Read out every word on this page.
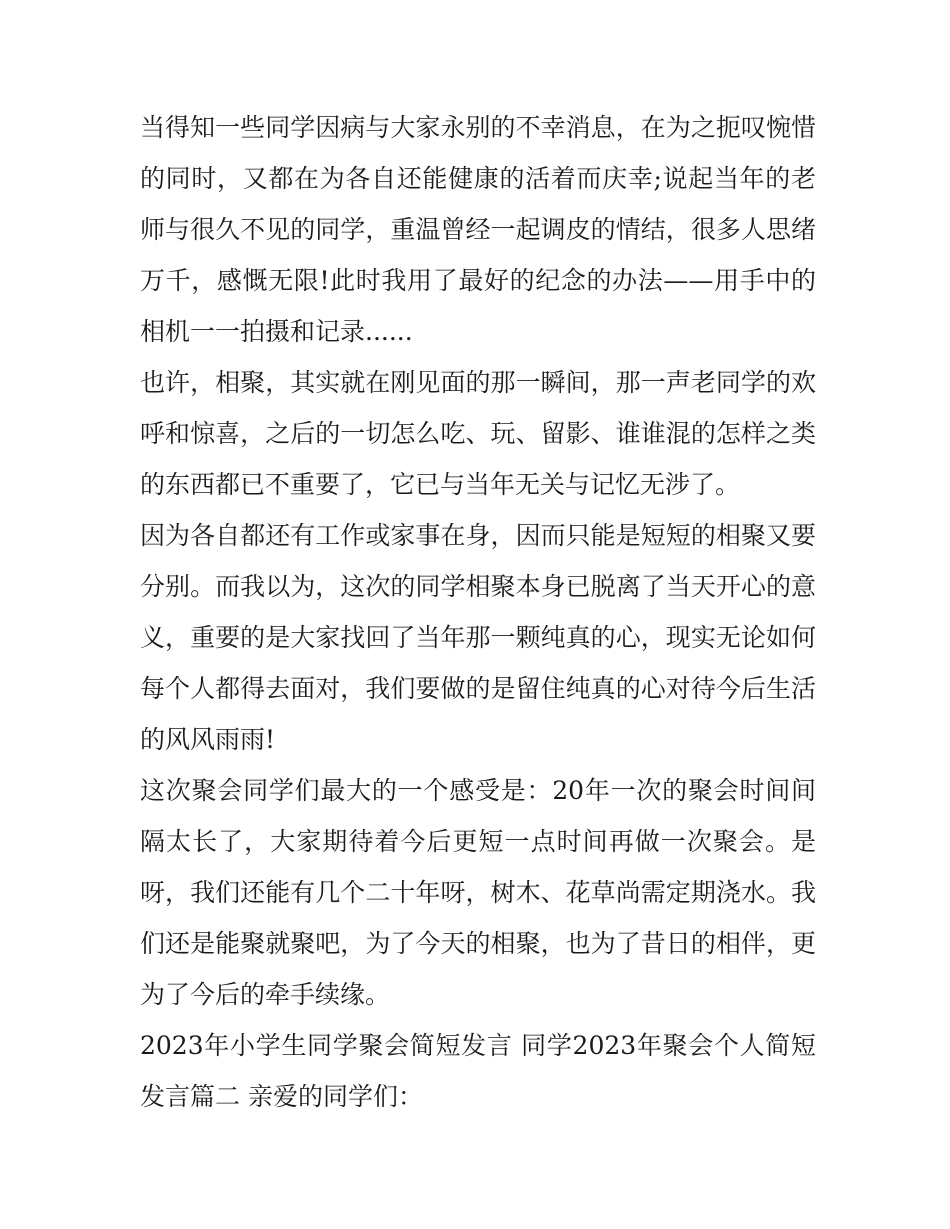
当得知一些同学因病与大家永别的不幸消息，在为之扼叹惋惜的同时，又都在为各自还能健康的活着而庆幸;说起当年的老师与很久不见的同学，重温曾经一起调皮的情结，很多人思绪万千，感慨无限!此时我用了最好的纪念的办法——用手中的相机一一拍摄和记录......

也许，相聚，其实就在刚见面的那一瞬间，那一声老同学的欢呼和惊喜，之后的一切怎么吃、玩、留影、谁谁混的怎样之类的东西都已不重要了，它已与当年无关与记忆无涉了。

因为各自都还有工作或家事在身，因而只能是短短的相聚又要分别。而我以为，这次的同学相聚本身已脱离了当天开心的意义，重要的是大家找回了当年那一颗纯真的心，现实无论如何每个人都得去面对，我们要做的是留住纯真的心对待今后生活的风风雨雨!

这次聚会同学们最大的一个感受是：20年一次的聚会时间间隔太长了，大家期待着今后更短一点时间再做一次聚会。是呀，我们还能有几个二十年呀，树木、花草尚需定期浇水。我们还是能聚就聚吧，为了今天的相聚，也为了昔日的相伴，更为了今后的牵手续缘。

2023年小学生同学聚会简短发言 同学2023年聚会个人简短发言篇二 亲爱的同学们：
